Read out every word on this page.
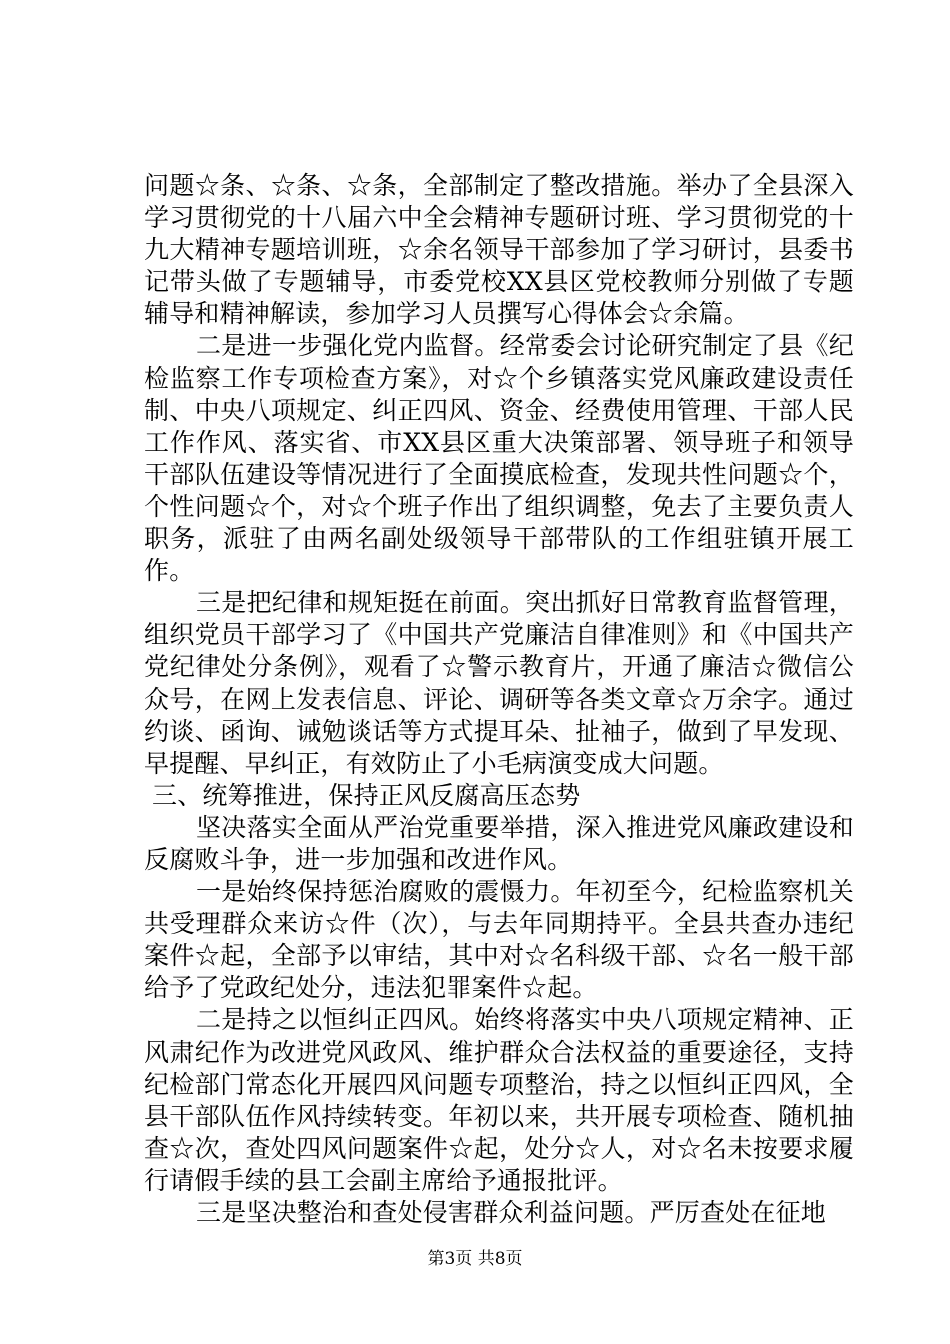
问题☆条、☆条、☆条，全部制定了整改措施。举办了全县深入学习贯彻党的十八届六中全会精神专题研讨班、学习贯彻党的十九大精神专题培训班，☆余名领导干部参加了学习研讨，县委书记带头做了专题辅导，市委党校XX县区党校教师分别做了专题辅导和精神解读，参加学习人员撰写心得体会☆余篇。

二是进一步强化党内监督。经常委会讨论研究制定了县《纪检监察工作专项检查方案》，对☆个乡镇落实党风廉政建设责任制、中央八项规定、纠正四风、资金、经费使用管理、干部人民工作作风、落实省、市XX县区重大决策部署、领导班子和领导干部队伍建设等情况进行了全面摸底检查，发现共性问题☆个，个性问题☆个，对☆个班子作出了组织调整，免去了主要负责人职务，派驻了由两名副处级领导干部带队的工作组驻镇开展工作。

三是把纪律和规矩挺在前面。突出抓好日常教育监督管理，组织党员干部学习了《中国共产党廉洁自律准则》和《中国共产党纪律处分条例》，观看了☆警示教育片，开通了廉洁☆微信公众号，在网上发表信息、评论、调研等各类文章☆万余字。通过约谈、函询、诫勉谈话等方式提耳朵、扯袖子，做到了早发现、早提醒、早纠正，有效防止了小毛病演变成大问题。

三、统筹推进，保持正风反腐高压态势

坚决落实全面从严治党重要举措，深入推进党风廉政建设和反腐败斗争，进一步加强和改进作风。

一是始终保持惩治腐败的震慑力。年初至今，纪检监察机关共受理群众来访☆件（次），与去年同期持平。全县共查办违纪案件☆起，全部予以审结，其中对☆名科级干部、☆名一般干部给予了党政纪处分，违法犯罪案件☆起。

二是持之以恒纠正四风。始终将落实中央八项规定精神、正风肃纪作为改进党风政风、维护群众合法权益的重要途径，支持纪检部门常态化开展四风问题专项整治，持之以恒纠正四风，全县干部队伍作风持续转变。年初以来，共开展专项检查、随机抽查☆次，查处四风问题案件☆起，处分☆人，对☆名未按要求履行请假手续的县工会副主席给予通报批评。

三是坚决整治和查处侵害群众利益问题。严厉查处在征地

第3页 共8页
